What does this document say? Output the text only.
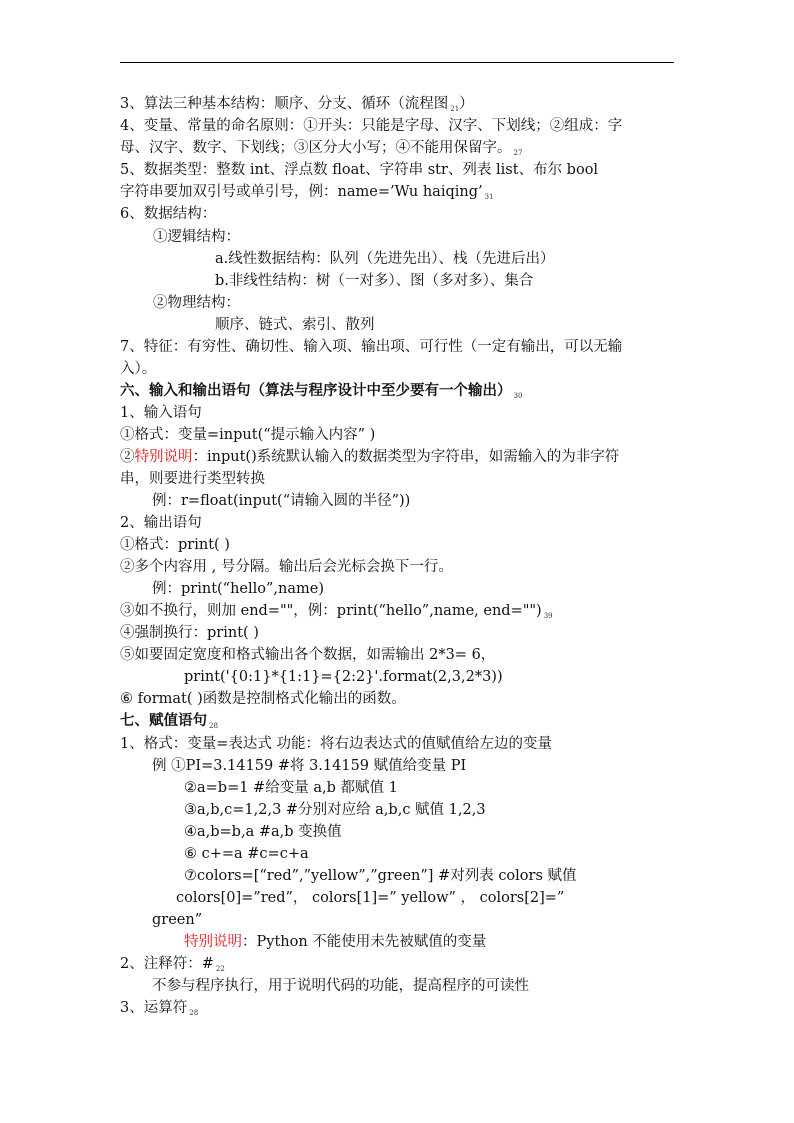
3、算法三种基本结构：顺序、分支、循环（流程图 $_{21}$）
4、变量、常量的命名原则：①开头：只能是字母、汉字、下划线；②组成：字
母、汉字、数字、下划线；③区分大小写；④不能用保留字。 $_{27}$
5、数据类型：整数 int、浮点数 float、字符串 str、列表 list、布尔 bool
字符串要加双引号或单引号，例：name=’Wu haiqing’ $_{31}$
6、数据结构：
①逻辑结构：
a.线性数据结构：队列（先进先出）、栈（先进后出）
b.非线性结构：树（一对多）、图（多对多）、集合
②物理结构：
顺序、链式、索引、散列
7、特征：有穷性、确切性、输入项、输出项、可行性（一定有输出，可以无输
入）。
六、输入和输出语句（算法与程序设计中至少要有一个输出） $_{30}$
1、输入语句
①格式：变量=input(“提示输入内容” )
②特别说明：input()系统默认输入的数据类型为字符串，如需输入的为非字符
串，则要进行类型转换
例：r=float(input(“请输入圆的半径”))
2、输出语句
①格式：print( )
②多个内容用 , 号分隔。输出后会光标会换下一行。
例：print(“hello”,name)
③如不换行，则加 end=""，例：print(“hello”,name, end="") $_{39}$
④强制换行：print( )
⑤如要固定宽度和格式输出各个数据，如需输出 2*3= 6，
print('{0:1}*{1:1}={2:2}'.format(2,3,2*3))
⑥ format( )函数是控制格式化输出的函数。
七、赋值语句 $_{28}$
1、格式：变量=表达式 功能：将右边表达式的值赋值给左边的变量
例 ①PI=3.14159 #将 3.14159 赋值给变量 PI
②a=b=1 #给变量 a,b 都赋值 1
③a,b,c=1,2,3 #分别对应给 a,b,c 赋值 1,2,3
④a,b=b,a #a,b 变换值
⑥ c+=a #c=c+a
⑦colors=[“red”,”yellow”,”green”] #对列表 colors 赋值
colors[0]=”red”， colors[1]=” yellow” ， colors[2]=”
green”
特别说明：Python 不能使用未先被赋值的变量
2、注释符：# $_{22}$
不参与程序执行，用于说明代码的功能，提高程序的可读性
3、运算符 $_{28}$
